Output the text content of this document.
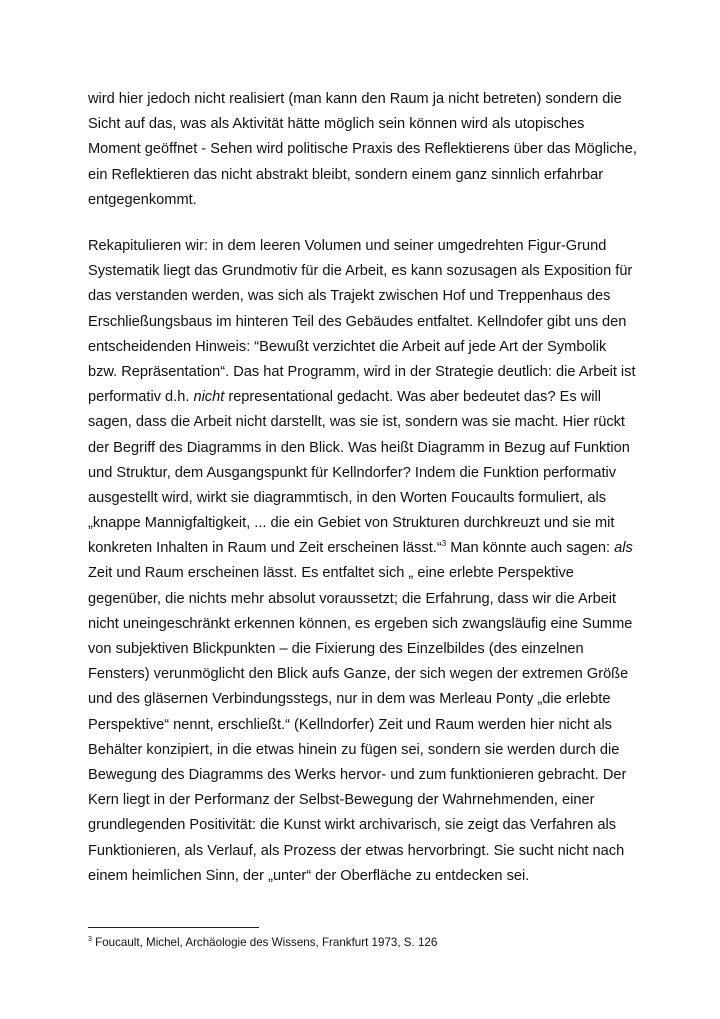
wird hier jedoch nicht realisiert (man kann den Raum ja nicht betreten) sondern die
Sicht auf das, was als Aktivität hätte möglich sein können wird als utopisches
Moment geöffnet - Sehen wird politische Praxis des Reflektierens über das Mögliche,
ein Reflektieren das nicht abstrakt bleibt, sondern einem ganz sinnlich erfahrbar
entgegenkommt.
Rekapitulieren wir: in dem leeren Volumen und seiner umgedrehten Figur-Grund
Systematik liegt das Grundmotiv für die Arbeit, es kann sozusagen als Exposition für
das verstanden werden, was sich als Trajekt zwischen Hof und Treppenhaus des
Erschließungsbaus im hinteren Teil des Gebäudes entfaltet. Kellndofer gibt uns den
entscheidenden Hinweis: “Bewußt verzichtet die Arbeit auf jede Art der Symbolik
bzw. Repräsentation“. Das hat Programm, wird in der Strategie deutlich: die Arbeit ist
performativ d.h. nicht representational gedacht. Was aber bedeutet das? Es will
sagen, dass die Arbeit nicht darstellt, was sie ist, sondern was sie macht. Hier rückt
der Begriff des Diagramms in den Blick. Was heißt Diagramm in Bezug auf Funktion
und Struktur, dem Ausgangspunkt für Kellndorfer? Indem die Funktion performativ
ausgestellt wird, wirkt sie diagrammtisch, in den Worten Foucaults formuliert, als
„knappe Mannigfaltigkeit, ... die ein Gebiet von Strukturen durchkreuzt und sie mit
konkreten Inhalten in Raum und Zeit erscheinen lässt.“$^3$ Man könnte auch sagen: als
Zeit und Raum erscheinen lässt. Es entfaltet sich „ eine erlebte Perspektive
gegenüber, die nichts mehr absolut voraussetzt; die Erfahrung, dass wir die Arbeit
nicht uneingeschränkt erkennen können, es ergeben sich zwangsläufig eine Summe
von subjektiven Blickpunkten – die Fixierung des Einzelbildes (des einzelnen
Fensters) verunmöglicht den Blick aufs Ganze, der sich wegen der extremen Größe
und des gläsernen Verbindungsstegs, nur in dem was Merleau Ponty „die erlebte
Perspektive“ nennt, erschließt.“ (Kellndorfer) Zeit und Raum werden hier nicht als
Behälter konzipiert, in die etwas hinein zu fügen sei, sondern sie werden durch die
Bewegung des Diagramms des Werks hervor- und zum funktionieren gebracht. Der
Kern liegt in der Performanz der Selbst-Bewegung der Wahrnehmenden, einer
grundlegenden Positivität: die Kunst wirkt archivarisch, sie zeigt das Verfahren als
Funktionieren, als Verlauf, als Prozess der etwas hervorbringt. Sie sucht nicht nach
einem heimlichen Sinn, der „unter“ der Oberfläche zu entdecken sei.
$^3$ Foucault, Michel, Archäologie des Wissens, Frankfurt 1973, S. 126
